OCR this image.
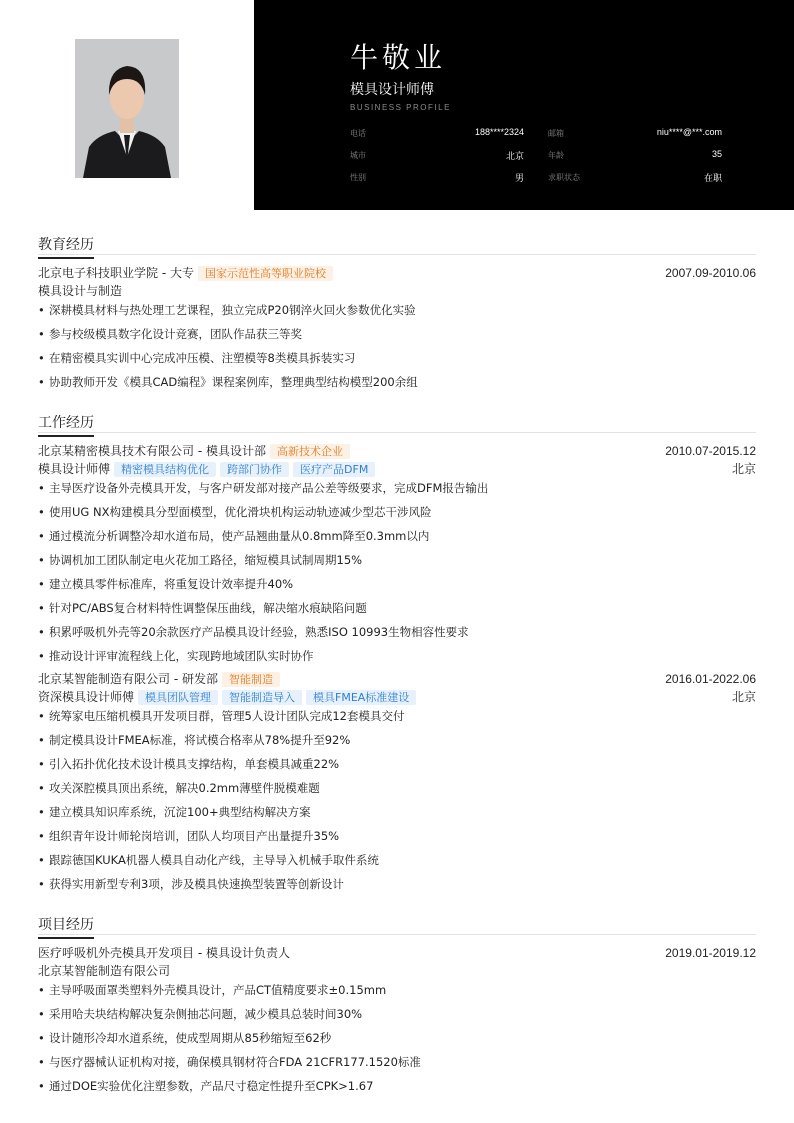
牛敬业
模具设计师傅
BUSINESS PROFILE
电话	188****2324	邮箱	niu****@***.com
城市	北京	年龄	35
性别	男	求职状态	在职
教育经历
北京电子科技职业学院 - 大专 国家示范性高等职业院校	2007.09-2010.06
模具设计与制造
深耕模具材料与热处理工艺课程，独立完成P20钢淬火回火参数优化实验
参与校级模具数字化设计竞赛，团队作品获三等奖
在精密模具实训中心完成冲压模、注塑模等8类模具拆装实习
协助教师开发《模具CAD编程》课程案例库，整理典型结构模型200余组
工作经历
北京某精密模具技术有限公司 - 模具设计部 高新技术企业	2010.07-2015.12
模具设计师傅 精密模具结构优化 跨部门协作 医疗产品DFM	北京
主导医疗设备外壳模具开发，与客户研发部对接产品公差等级要求，完成DFM报告输出
使用UG NX构建模具分型面模型，优化滑块机构运动轨迹减少型芯干涉风险
通过模流分析调整冷却水道布局，使产品翘曲量从0.8mm降至0.3mm以内
协调机加工团队制定电火花加工路径，缩短模具试制周期15%
建立模具零件标准库，将重复设计效率提升40%
针对PC/ABS复合材料特性调整保压曲线，解决缩水痕缺陷问题
积累呼吸机外壳等20余款医疗产品模具设计经验，熟悉ISO 10993生物相容性要求
推动设计评审流程线上化，实现跨地域团队实时协作
北京某智能制造有限公司 - 研发部 智能制造	2016.01-2022.06
资深模具设计师傅 模具团队管理 智能制造导入 模具FMEA标准建设	北京
统筹家电压缩机模具开发项目群，管理5人设计团队完成12套模具交付
制定模具设计FMEA标准，将试模合格率从78%提升至92%
引入拓扑优化技术设计模具支撑结构，单套模具减重22%
攻关深腔模具顶出系统，解决0.2mm薄壁件脱模难题
建立模具知识库系统，沉淀100+典型结构解决方案
组织青年设计师轮岗培训，团队人均项目产出量提升35%
跟踪德国KUKA机器人模具自动化产线，主导导入机械手取件系统
获得实用新型专利3项，涉及模具快速换型装置等创新设计
项目经历
医疗呼吸机外壳模具开发项目 - 模具设计负责人	2019.01-2019.12
北京某智能制造有限公司
主导呼吸面罩类塑料外壳模具设计，产品CT值精度要求±0.15mm
采用哈夫块结构解决复杂侧抽芯问题，减少模具总装时间30%
设计随形冷却水道系统，使成型周期从85秒缩短至62秒
与医疗器械认证机构对接，确保模具钢材符合FDA 21CFR177.1520标准
通过DOE实验优化注塑参数，产品尺寸稳定性提升至CPK>1.67
